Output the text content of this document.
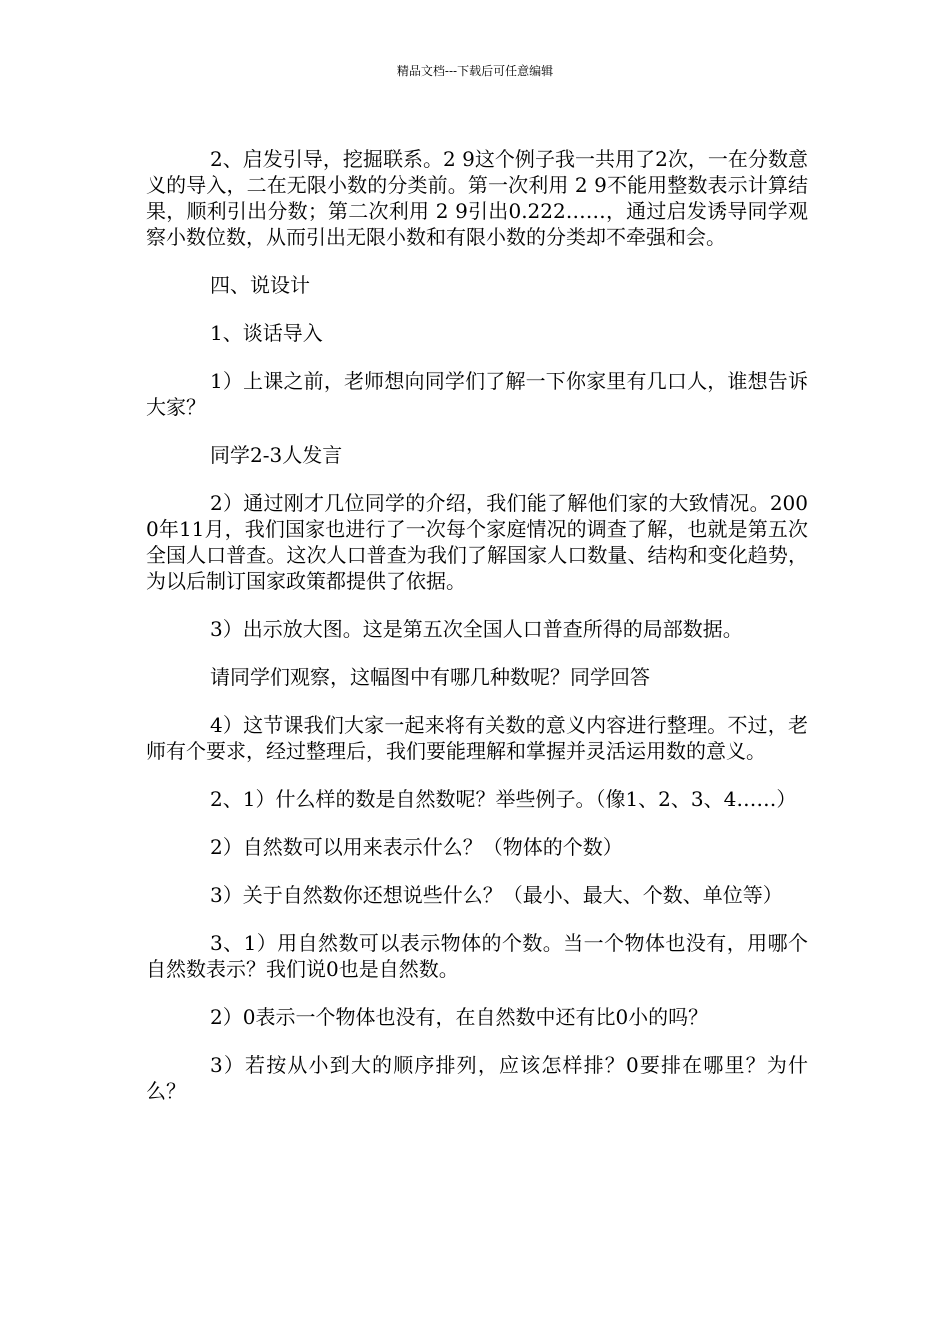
精品文档---下载后可任意编辑

2、启发引导，挖掘联系。2 9这个例子我一共用了2次，一在分数意义的导入，二在无限小数的分类前。第一次利用 2 9不能用整数表示计算结果，顺利引出分数；第二次利用 2 9引出0.222……，通过启发诱导同学观察小数位数，从而引出无限小数和有限小数的分类却不牵强和会。

四、说设计

1、谈话导入

1）上课之前，老师想向同学们了解一下你家里有几口人，谁想告诉大家？

同学2-3人发言

2）通过刚才几位同学的介绍，我们能了解他们家的大致情况。2000年11月，我们国家也进行了一次每个家庭情况的调查了解，也就是第五次全国人口普查。这次人口普查为我们了解国家人口数量、结构和变化趋势，为以后制订国家政策都提供了依据。

3）出示放大图。这是第五次全国人口普查所得的局部数据。

请同学们观察，这幅图中有哪几种数呢？同学回答

4）这节课我们大家一起来将有关数的意义内容进行整理。不过，老师有个要求，经过整理后，我们要能理解和掌握并灵活运用数的意义。

2、1）什么样的数是自然数呢？举些例子。（像1、2、3、4……）

2）自然数可以用来表示什么？（物体的个数）

3）关于自然数你还想说些什么？（最小、最大、个数、单位等）

3、1）用自然数可以表示物体的个数。当一个物体也没有，用哪个自然数表示？我们说0也是自然数。

2）0表示一个物体也没有，在自然数中还有比0小的吗？

3）若按从小到大的顺序排列，应该怎样排？0要排在哪里？为什么？
